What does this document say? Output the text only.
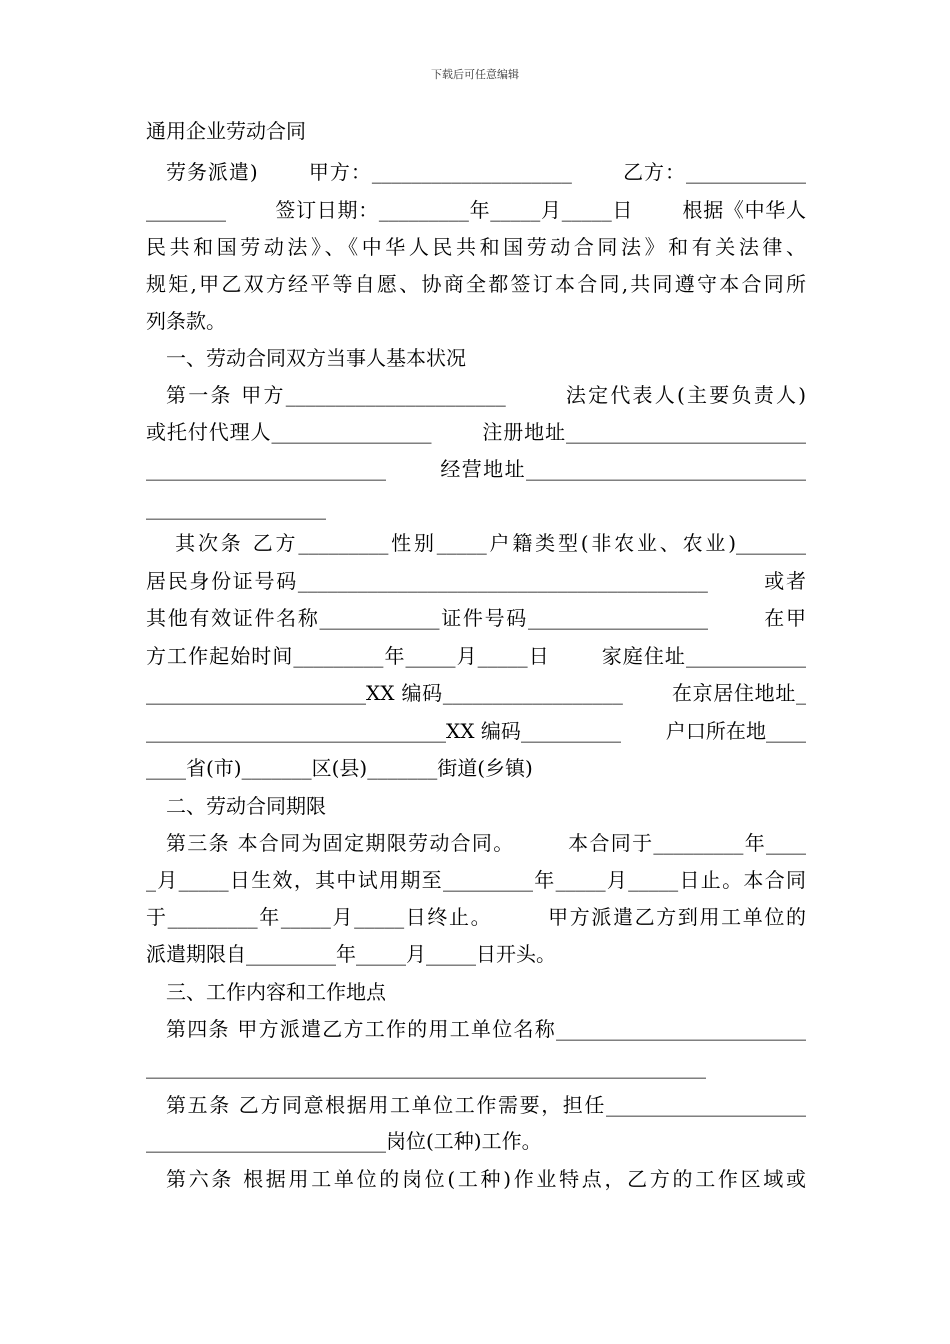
下载后可任意编辑
通用企业劳动合同
劳务派遣)       甲方：____________________       乙方：____________
________       签订日期：_________年_____月_____日       根据《中华人
民共和国劳动法》、《中华人民共和国劳动合同法》和有关法律、
规矩,甲乙双方经平等自愿、协商全都签订本合同,共同遵守本合同所
列条款。
一、劳动合同双方当事人基本状况
第一条 甲方______________________       法定代表人(主要负责人)
或托付代理人________________       注册地址________________________
________________________       经营地址____________________________
__________________
其次条 乙方_________性别_____户籍类型(非农业、农业)_______
居民身份证号码_________________________________________       或者
其他有效证件名称____________证件号码__________________       在甲
方工作起始时间_________年_____月_____日       家庭住址____________
______________________XX 编码__________________       在京居住地址_
______________________________XX 编码__________       户口所在地____
____省(市)_______区(县)_______街道(乡镇)
二、劳动合同期限
第三条 本合同为固定期限劳动合同。       本合同于_________年____
_月_____日生效，其中试用期至_________年_____月_____日止。本合同
于_________年_____月_____日终止。       甲方派遣乙方到用工单位的
派遣期限自_________年_____月_____日开头。
三、工作内容和工作地点
第四条 甲方派遣乙方工作的用工单位名称_________________________
________________________________________________________
第五条 乙方同意根据用工单位工作需要，担任____________________
________________________岗位(工种)工作。
第六条 根据用工单位的岗位(工种)作业特点，乙方的工作区域或
